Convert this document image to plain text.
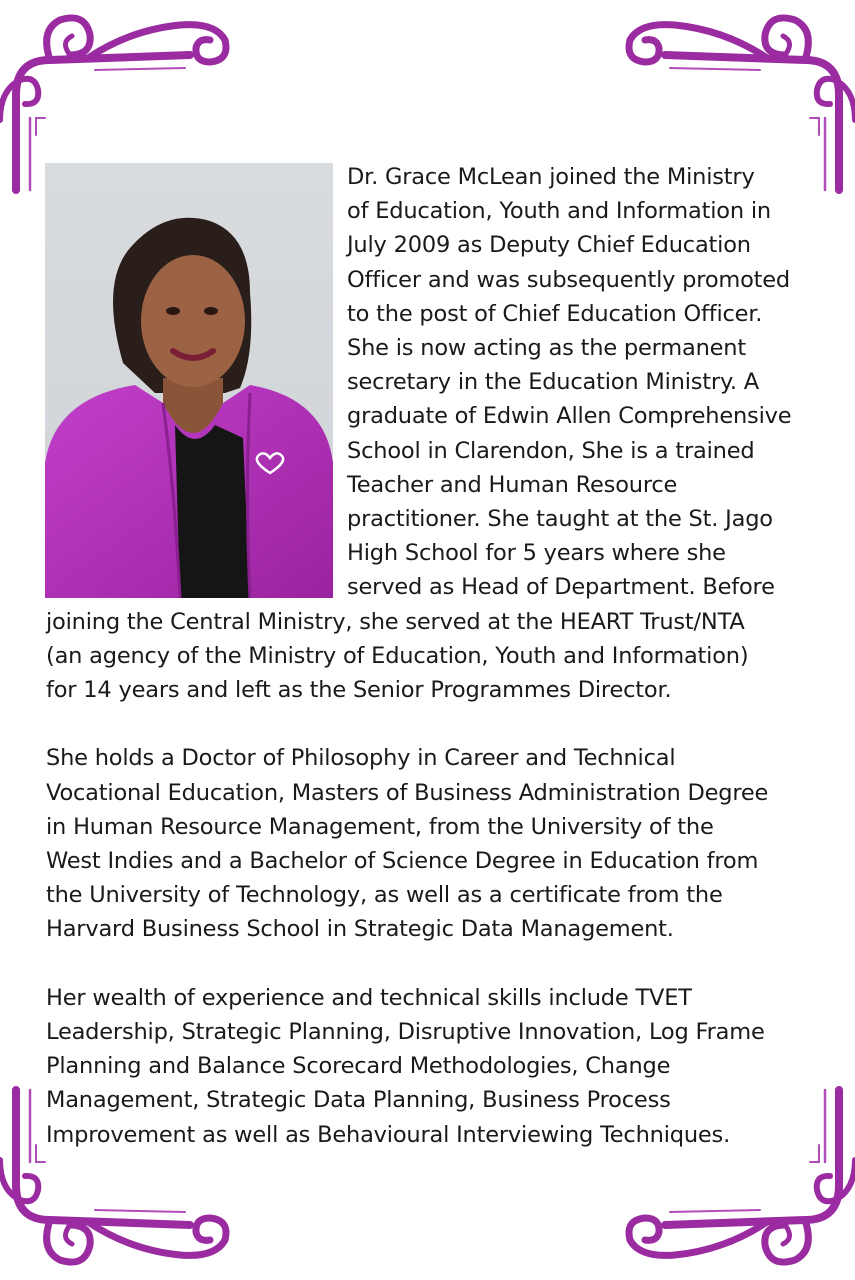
Dr. Grace McLean joined the Ministry

of Education, Youth and Information in

July 2009 as Deputy Chief Education

Officer and was subsequently promoted

to the post of Chief Education Officer.

She is now acting as the permanent

secretary in the Education Ministry. A

graduate of Edwin Allen Comprehensive

School in Clarendon, She is a trained

Teacher and Human Resource

practitioner. She taught at the St. Jago

High School for 5 years where she

served as Head of Department. Before

joining the Central Ministry, she served at the HEART Trust/NTA

(an agency of the Ministry of Education, Youth and Information)

for 14 years and left as the Senior Programmes Director.

She holds a Doctor of Philosophy in Career and Technical

Vocational Education, Masters of Business Administration Degree

in Human Resource Management, from the University of the

West Indies and a Bachelor of Science Degree in Education from

the University of Technology, as well as a certificate from the

Harvard Business School in Strategic Data Management.

Her wealth of experience and technical skills include TVET

Leadership, Strategic Planning, Disruptive Innovation, Log Frame

Planning and Balance Scorecard Methodologies, Change

Management, Strategic Data Planning, Business Process

Improvement as well as Behavioural Interviewing Techniques.
